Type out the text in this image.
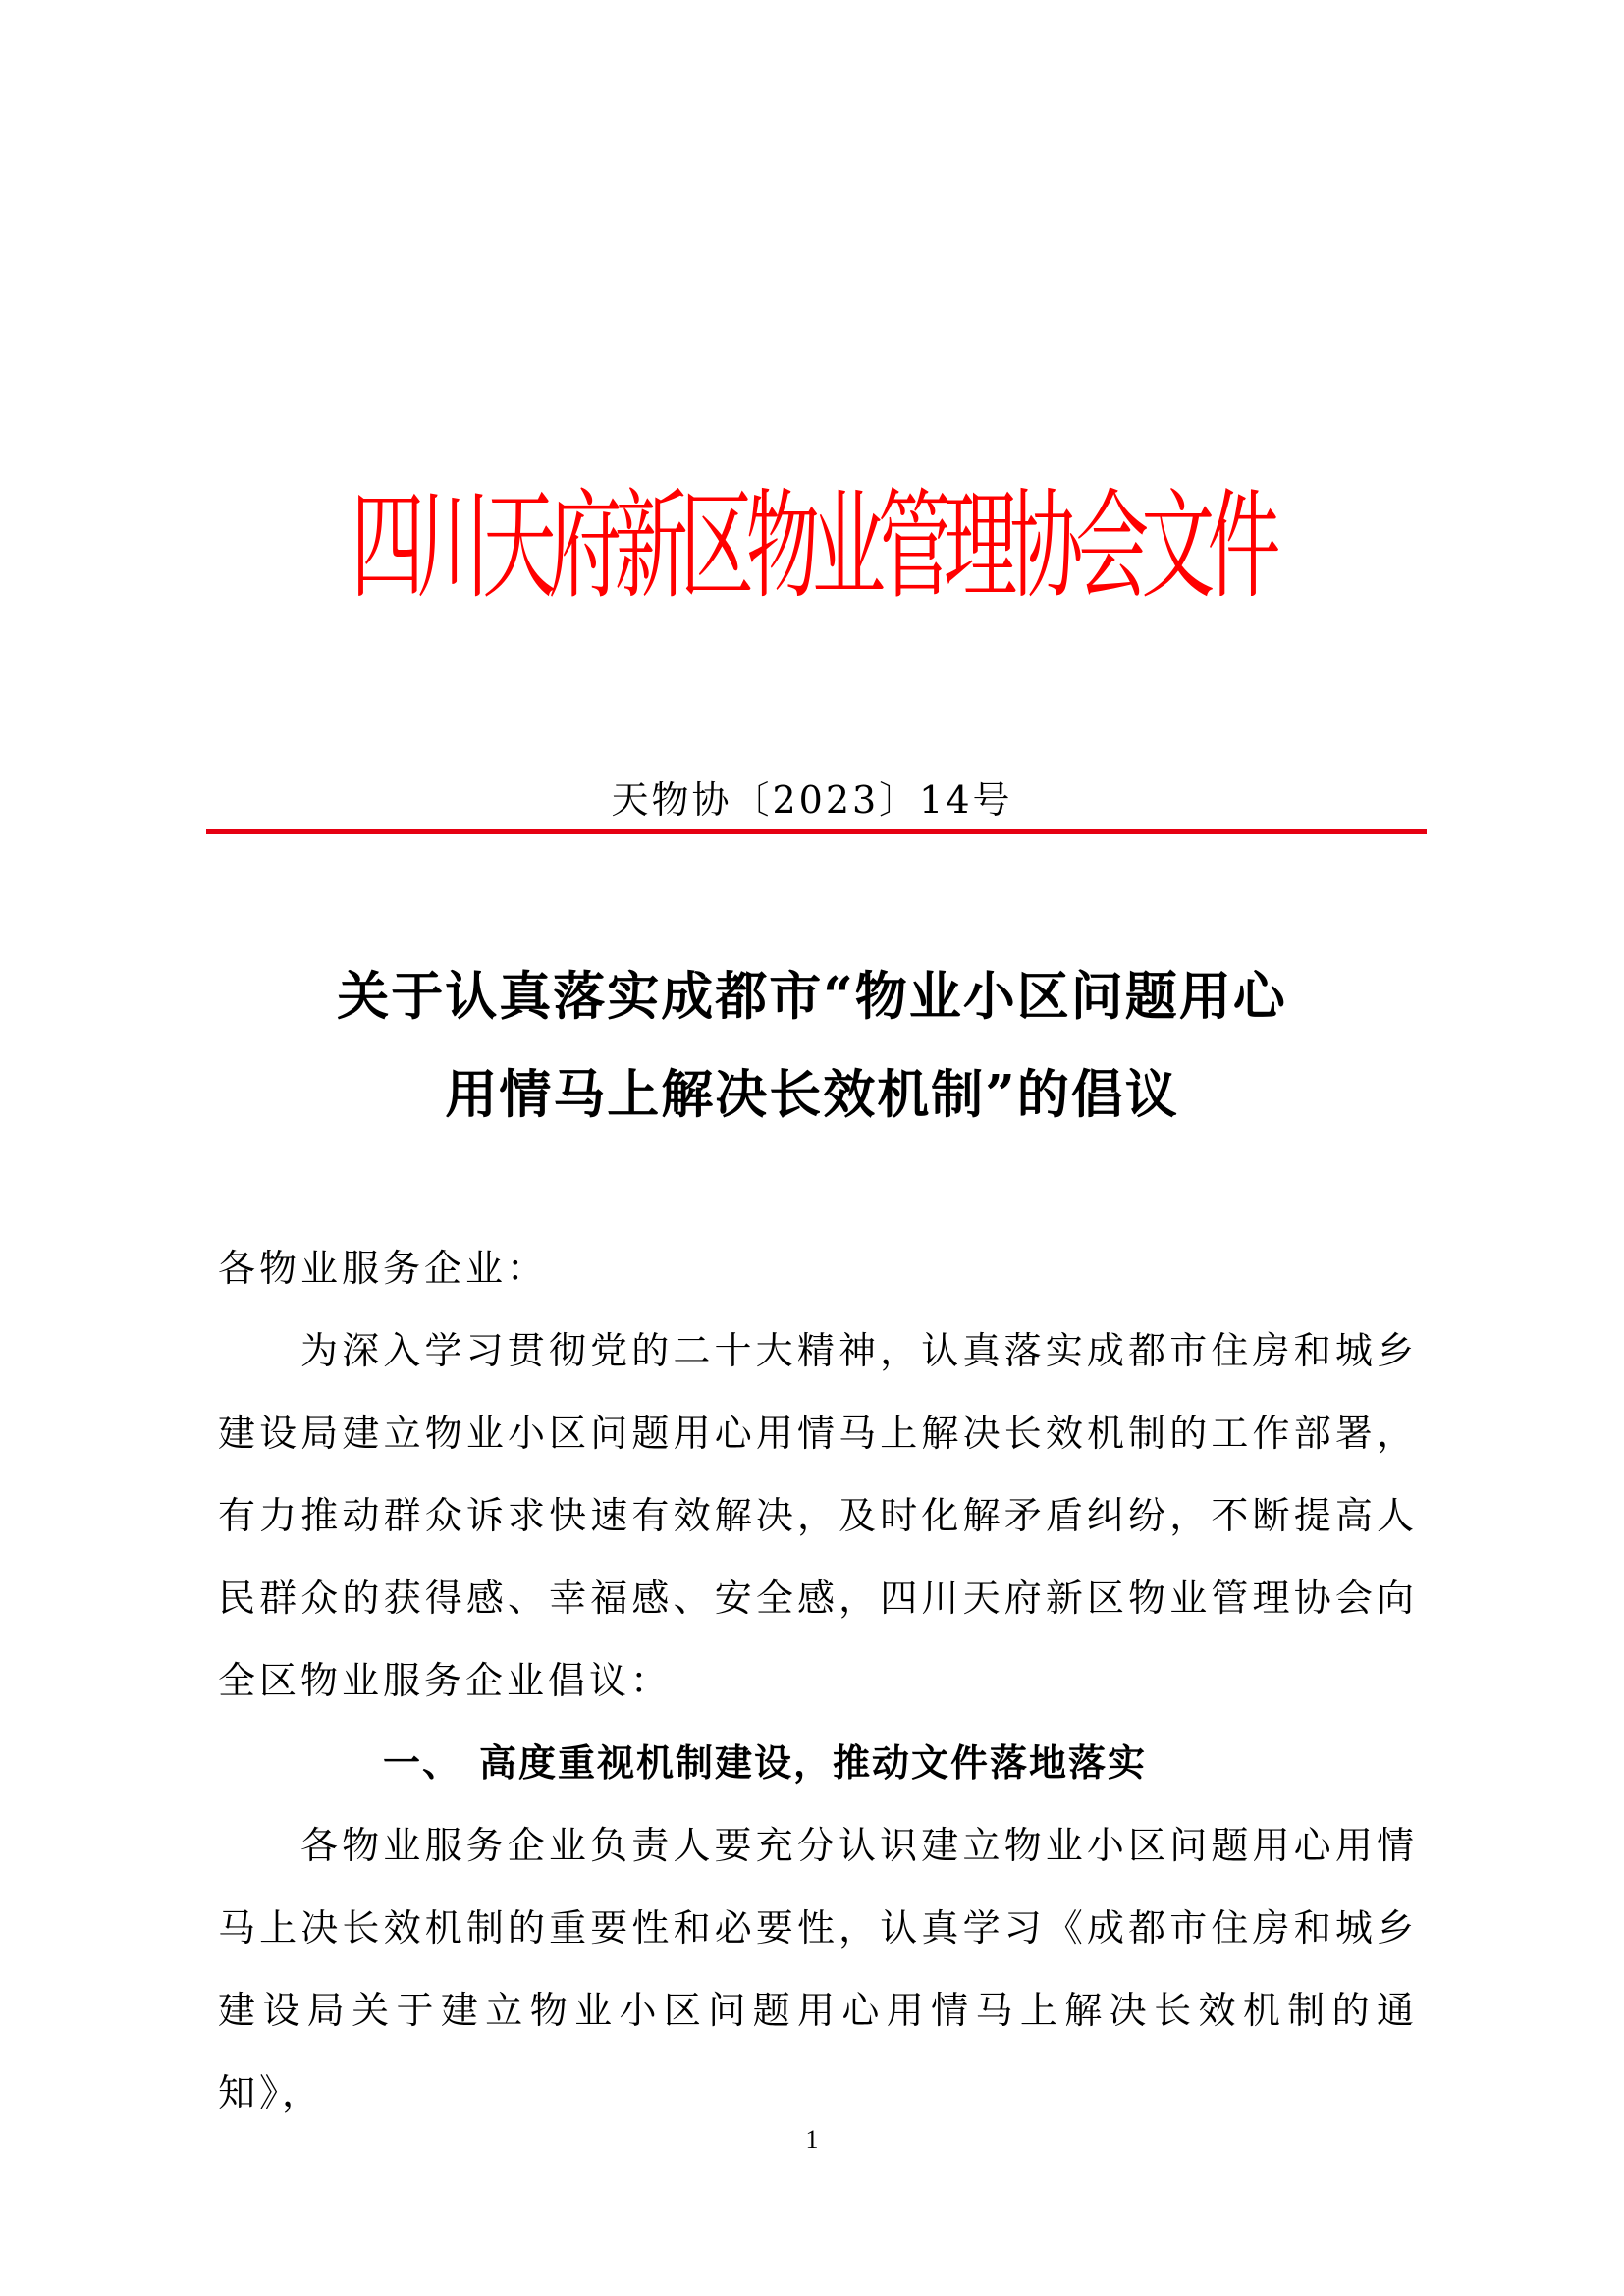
四川天府新区物业管理协会文件
天物协〔2023〕14号
关于认真落实成都市“物业小区问题用心
用情马上解决长效机制”的倡议

各物业服务企业：

为深入学习贯彻党的二十大精神，认真落实成都市住房和城乡建设局建立物业小区问题用心用情马上解决长效机制的工作部署，有力推动群众诉求快速有效解决，及时化解矛盾纠纷，不断提高人民群众的获得感、幸福感、安全感，四川天府新区物业管理协会向全区物业服务企业倡议：

一、 高度重视机制建设，推动文件落地落实

各物业服务企业负责人要充分认识建立物业小区问题用心用情马上决长效机制的重要性和必要性，认真学习《成都市住房和城乡建设局关于建立物业小区问题用心用情马上解决长效机制的通知》，

1
